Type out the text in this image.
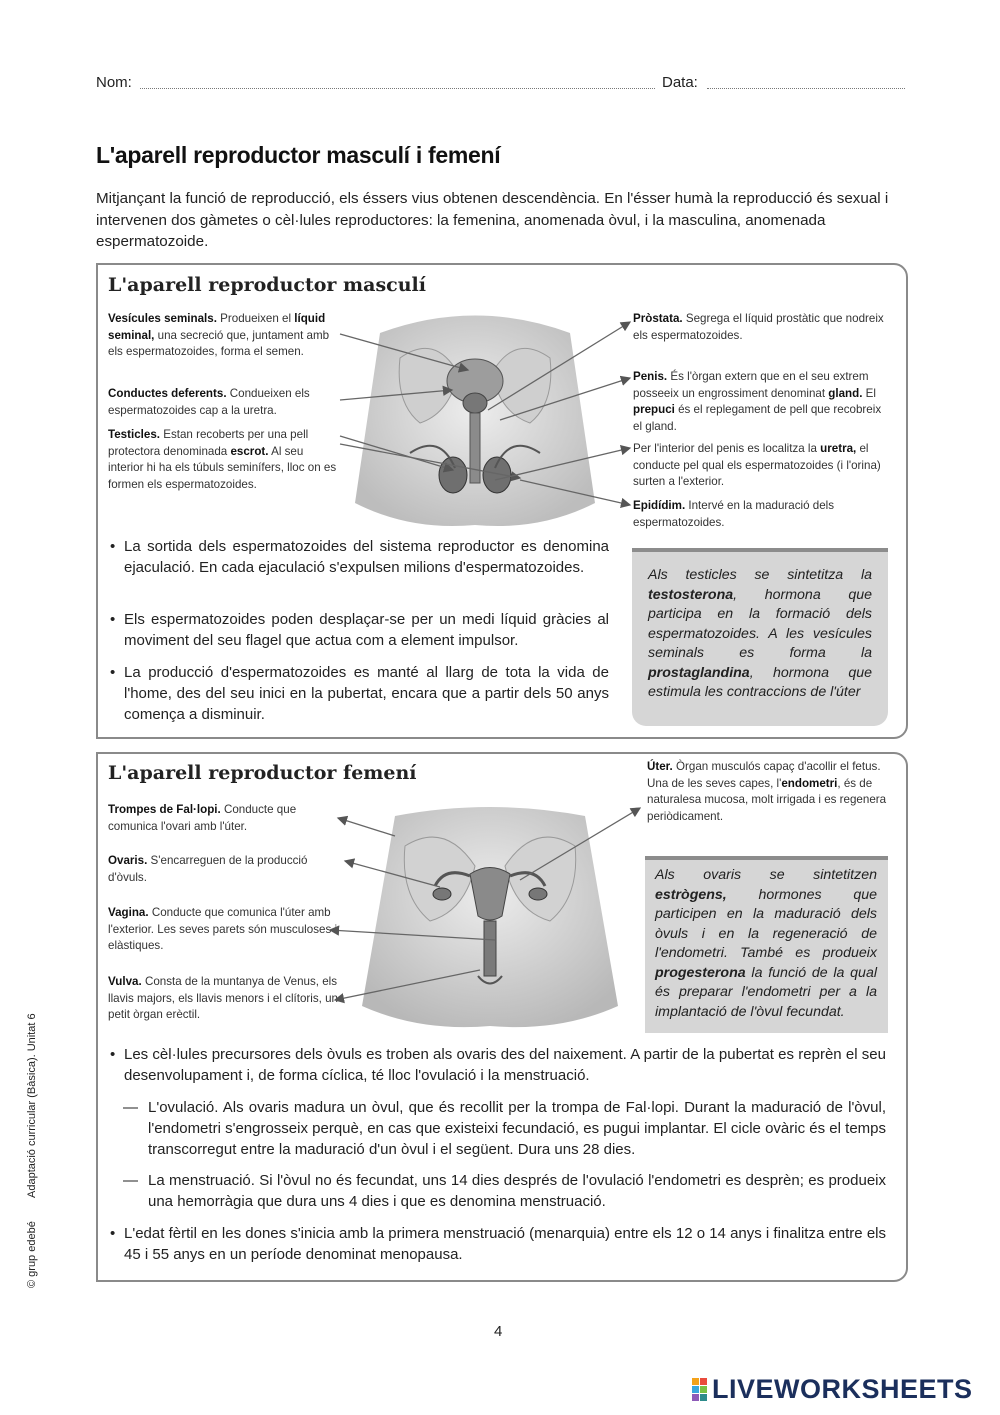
Nom:	Data:
L'aparell reproductor masculí i femení
Mitjançant la funció de reproducció, els éssers vius obtenen descendència. En l'ésser humà la reproducció és sexual i intervenen dos gàmetes o cèl·lules reproductores: la femenina, anomenada òvul, i la masculina, anomenada espermatozoide.
L'aparell reproductor masculí
Vesícules seminals. Produeixen el líquid seminal, una secreció que, juntament amb els espermatozoides, forma el semen.
Conductes deferents. Condueixen els espermatozoides cap a la uretra.
Testicles. Estan recoberts per una pell protectora denominada escrot. Al seu interior hi ha els túbuls seminífers, lloc on es formen els espermatozoides.
Pròstata. Segrega el líquid prostàtic que nodreix els espermatozoides.
Penis. És l'òrgan extern que en el seu extrem posseeix un engrossiment denominat gland. El prepuci és el replegament de pell que recobreix el gland.
Per l'interior del penis es localitza la uretra, el conducte pel qual els espermatozoides (i l'orina) surten a l'exterior.
Epidídim. Intervé en la maduració dels espermatozoides.
• La sortida dels espermatozoides del sistema reproductor es denomina ejaculació. En cada ejaculació s'expulsen milions d'espermatozoides.
• Els espermatozoides poden desplaçar-se per un medi líquid gràcies al moviment del seu flagel que actua com a element impulsor.
• La producció d'espermatozoides es manté al llarg de tota la vida de l'home, des del seu inici en la pubertat, encara que a partir dels 50 anys comença a disminuir.
Als testicles se sintetitza la testosterona, hormona que participa en la formació dels espermatozoides. A les vesícules seminals es forma la prostaglandina, hormona que estimula les contraccions de l'úter
L'aparell reproductor femení
Trompes de Fal·lopi. Conducte que comunica l'ovari amb l'úter.
Ovaris. S'encarreguen de la producció d'òvuls.
Vagina. Conducte que comunica l'úter amb l'exterior. Les seves parets són musculoses i elàstiques.
Vulva. Consta de la muntanya de Venus, els llavis majors, els llavis menors i el clítoris, un petit òrgan erèctil.
Úter. Òrgan musculós capaç d'acollir el fetus. Una de les seves capes, l'endometri, és de naturalesa mucosa, molt irrigada i es regenera periòdicament.
Als ovaris se sintetitzen estrògens, hormones que participen en la maduració dels òvuls i en la regeneració de l'endometri. També es produeix progesterona la funció de la qual és preparar l'endometri per a la implantació de l'òvul fecundat.
• Les cèl·lules precursores dels òvuls es troben als ovaris des del naixement. A partir de la pubertat es reprèn el seu desenvolupament i, de forma cíclica, té lloc l'ovulació i la menstruació.
— L'ovulació. Als ovaris madura un òvul, que és recollit per la trompa de Fal·lopi. Durant la maduració de l'òvul, l'endometri s'engrosseix perquè, en cas que existeixi fecundació, es pugui implantar. El cicle ovàric és el temps transcorregut entre la maduració d'un òvul i el següent. Dura uns 28 dies.
— La menstruació. Si l'òvul no és fecundat, uns 14 dies després de l'ovulació l'endometri es desprèn; es produeix una hemorràgia que dura uns 4 dies i que es denomina menstruació.
• L'edat fèrtil en les dones s'inicia amb la primera menstruació (menarquia) entre els 12 o 14 anys i finalitza entre els 45 i 55 anys en un període denominat menopausa.
© grup edebé
Adaptació curricular (Bàsica). Unitat 6
4
LIVEWORKSHEETS
